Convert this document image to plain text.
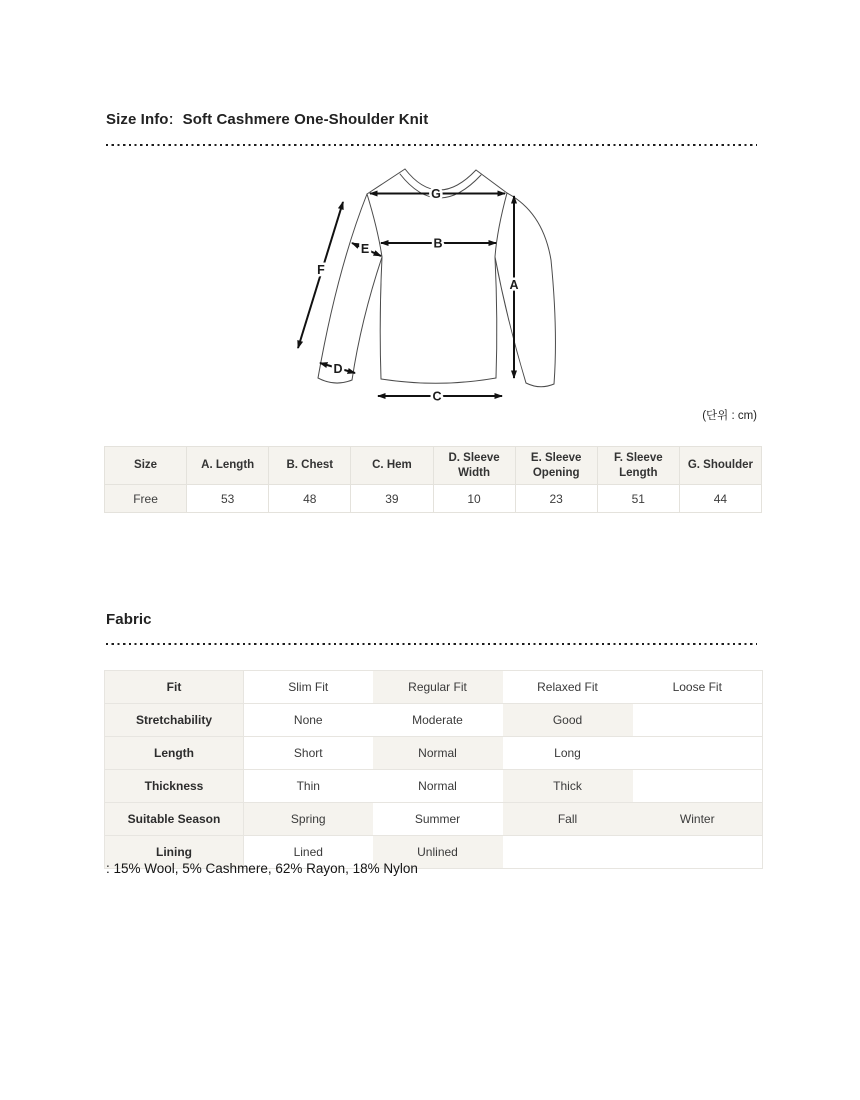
Size Infoː Soft Cashmere One-Shoulder Knit
G
B
A
C
F
E
D
(단위 : cm)
Size	A. Length	B. Chest	C. Hem	D. Sleeve Width	E. Sleeve Opening	F. Sleeve Length	G. Shoulder
Free	53	48	39	10	23	51	44
Fabric
Fit	Slim Fit	Regular Fit	Relaxed Fit	Loose Fit
Stretchability	None	Moderate	Good	
Length	Short	Normal	Long	
Thickness	Thin	Normal	Thick	
Suitable Season	Spring	Summer	Fall	Winter
Lining	Lined	Unlined		
: 15% Wool, 5% Cashmere, 62% Rayon, 18% Nylon
